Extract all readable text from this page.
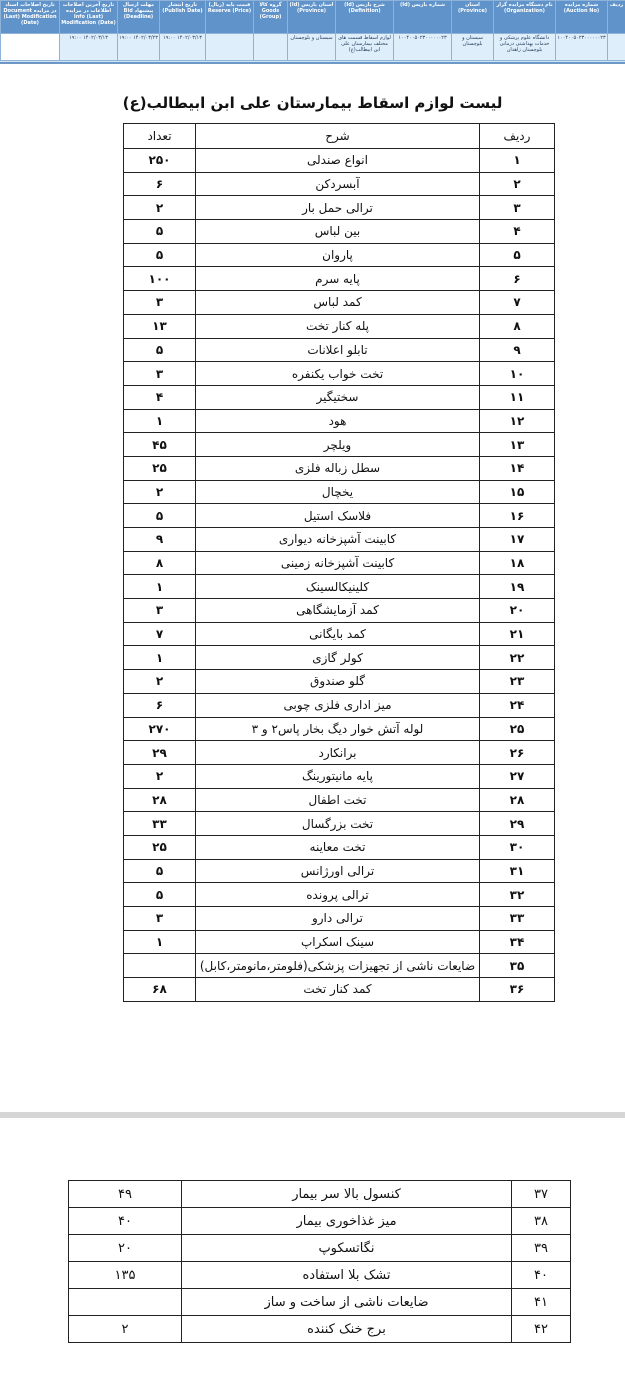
ردیف	شماره مزایده (Auction No)	نام دستگاه مزایده گزار (Organization)	استان (Province)	شماره بازیس (Id)	شرح بازیس (Id) (Definition)	استان بازیس (Id) (Province)	گروه کالا Goods (Group)	قیمت پایه (ریال) Reserve (Price)	تاریخ انتشار (Publish Date)	مهلت ارسال پیشنهاد Bid (Deadline)	تاریخ آخرین اصلاحات اطلاعات در مزایده (Last) Info Modification (Date)	تاریخ اصلاحات اسناد در مزایده Document (Last) Modification (Date)
	۱۰۰۴۰۰۵۰۲۳۰۰۰۰۰۰۲۳	دانشگاه علوم پزشکی و خدمات بهداشتی درمانی بلوچستان زاهدان	سیستان و بلوچستان	۱۰۰۴۰۰۵۰۲۳۰۰۰۰۰۰۲۳	لوازم اسقاط قسمت های مختلف بیمارستان علی ابن ابیطالب(ع)	سیستان و بلوچستان			۱۴۰۲/۰۳/۱۳ ۱۹:۰۰	۱۴۰۲/۰۳/۲۳ ۱۹:۰۰	۱۴۰۲/۰۳/۱۳ ۱۹:۰۰	
لیست لوازم اسقاط بیمارستان علی ابن ابیطالب(ع)
ردیف	شرح	تعداد
۱	انواع صندلی	۲۵۰
۲	آبسردکن	۶
۳	ترالی حمل بار	۲
۴	بین لباس	۵
۵	پاروان	۵
۶	پایه سرم	۱۰۰
۷	کمد لباس	۳
۸	پله کنار تخت	۱۳
۹	تابلو اعلانات	۵
۱۰	تخت خواب یکنفره	۳
۱۱	سختیگیر	۴
۱۲	هود	۱
۱۳	ویلچر	۴۵
۱۴	سطل زباله فلزی	۲۵
۱۵	یخچال	۲
۱۶	فلاسک استیل	۵
۱۷	کابینت آشپزخانه دیواری	۹
۱۸	کابینت آشپزخانه زمینی	۸
۱۹	کلینیکالسینک	۱
۲۰	کمد آزمایشگاهی	۳
۲۱	کمد بایگانی	۷
۲۲	کولر گازی	۱
۲۳	گلو صندوق	۲
۲۴	میز اداری فلزی چوبی	۶
۲۵	لوله آتش خوار دیگ بخار پاس۲ و ۳	۲۷۰
۲۶	برانکارد	۲۹
۲۷	پایه مانیتورینگ	۲
۲۸	تخت اطفال	۲۸
۲۹	تخت بزرگسال	۳۳
۳۰	تخت معاینه	۲۵
۳۱	ترالی اورژانس	۵
۳۲	ترالی پرونده	۵
۳۳	ترالی دارو	۳
۳۴	سینک اسکراپ	۱
۳۵	ضایعات ناشی از تجهیزات پزشکی(فلومتر،مانومتر،کابل)	
۳۶	کمد کنار تخت	۶۸
۳۷	کنسول بالا سر بیمار	۴۹
۳۸	میز غذاخوری بیمار	۴۰
۳۹	نگاتسکوپ	۲۰
۴۰	تشک بلا استفاده	۱۳۵
۴۱	ضایعات ناشی از ساخت و ساز	
۴۲	برج خنک کننده	۲
